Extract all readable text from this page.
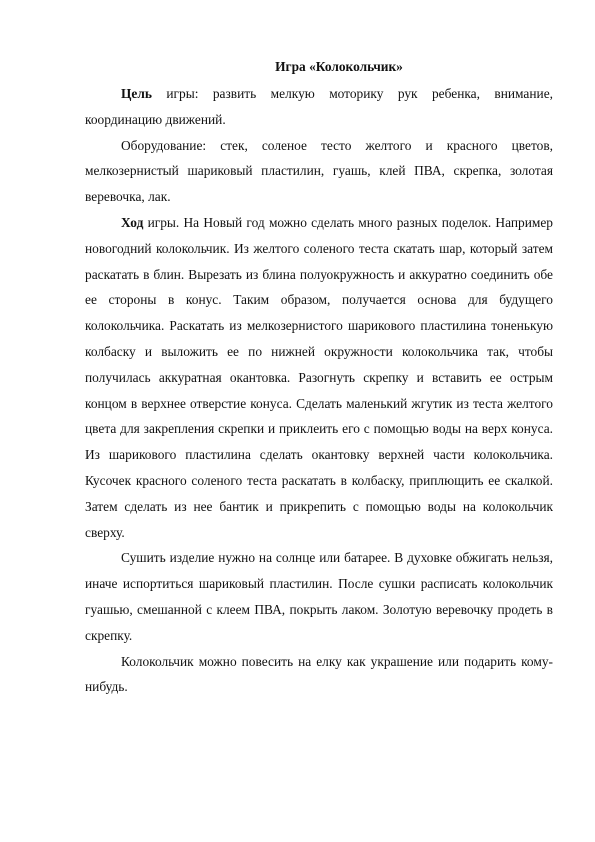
Игра «Колокольчик»

Цель игры: развить мелкую моторику рук ребенка, внимание, координацию движений.

Оборудование: стек, соленое тесто желтого и красного цветов, мелкозернистый шариковый пластилин, гуашь, клей ПВА, скрепка, золотая веревочка, лак.

Ход игры. На Новый год можно сделать много разных поделок. Например новогодний колокольчик. Из желтого соленого теста скатать шар, который затем раскатать в блин. Вырезать из блина полуокружность и аккуратно соединить обе ее стороны в конус. Таким образом, получается основа для будущего колокольчика. Раскатать из мелкозернистого шарикового пластилина тоненькую колбаску и выложить ее по нижней окружности колокольчика так, чтобы получилась аккуратная окантовка. Разогнуть скрепку и вставить ее острым концом в верхнее отверстие конуса. Сделать маленький жгутик из теста желтого цвета для закрепления скрепки и приклеить его с помощью воды на верх конуса. Из шарикового пластилина сделать окантовку верхней части колокольчика. Кусочек красного соленого теста раскатать в колбаску, приплющить ее скалкой. Затем сделать из нее бантик и прикрепить с помощью воды на колокольчик сверху.

Сушить изделие нужно на солнце или батарее. В духовке обжигать нельзя, иначе испортиться шариковый пластилин. После сушки расписать колокольчик гуашью, смешанной с клеем ПВА, покрыть лаком. Золотую веревочку продеть в скрепку.

Колокольчик можно повесить на елку как украшение или подарить кому-нибудь.
